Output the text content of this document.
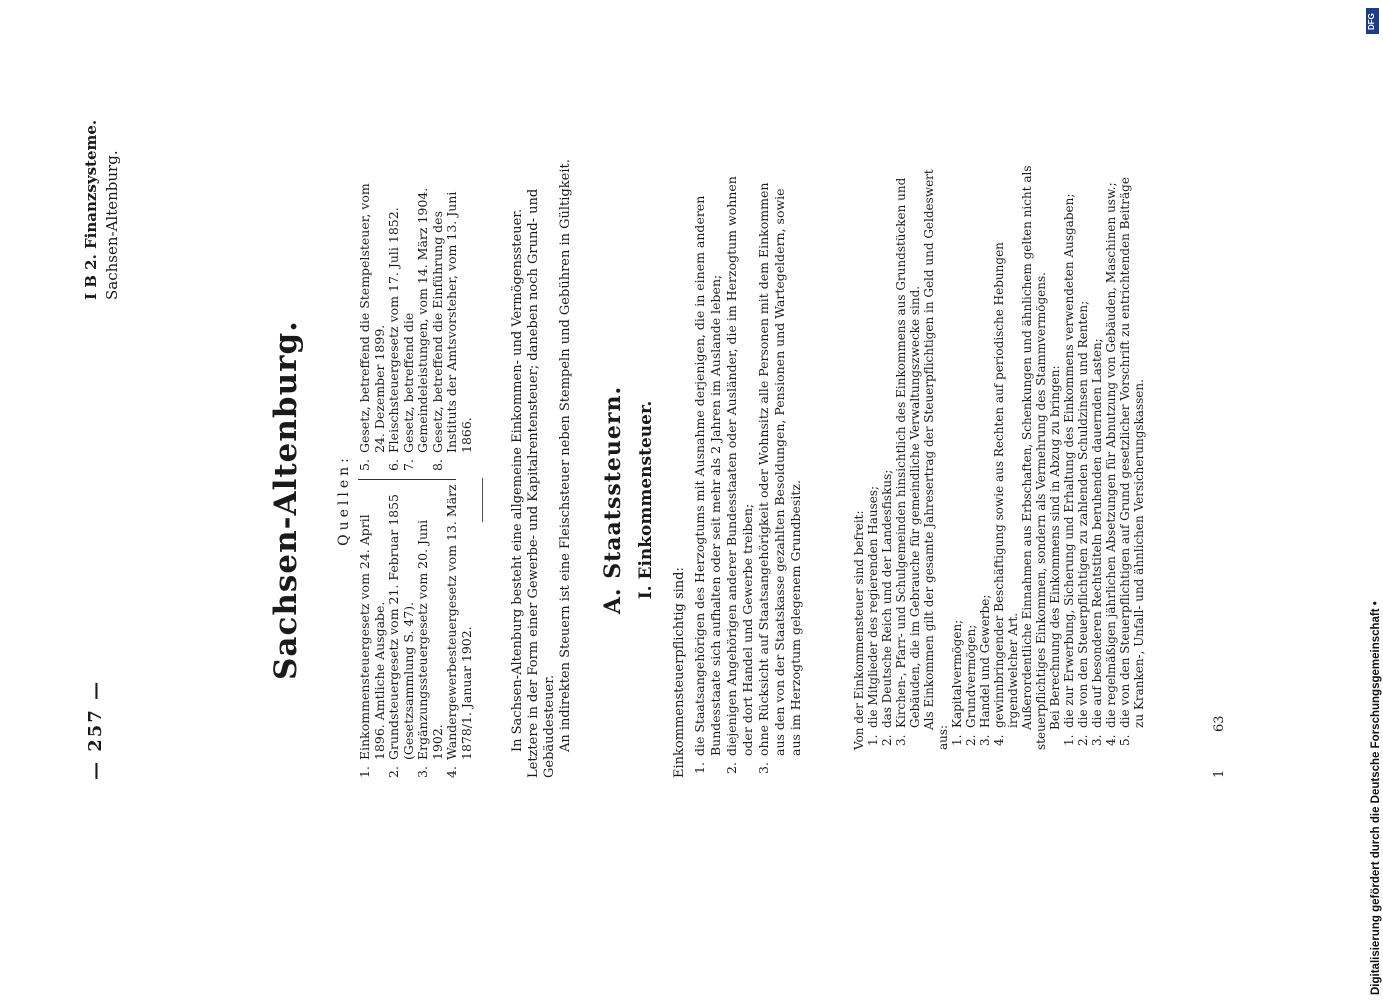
— 257 —
I B 2. Finanzsysteme. Sachsen-Altenburg.
Sachsen-Altenburg. Quellen:

1.
Einkommensteuergesetz vom 24. April 1896. Amtliche Ausgabe.

2.
Grundsteuergesetz vom 21. Februar 1855 (Gesetzsammlung S. 47).

3.
Ergänzungssteuergesetz vom 20. Juni 1902.

4.
Wandergewerbesteuergesetz vom 13. März 1878/1. Januar 1902.

5.
Gesetz, betreffend die Stempelsteuer, vom 24. Dezember 1899.

6.
Fleischsteuergesetz vom 17. Juli 1852.

7.
Gesetz, betreffend die Gemeindeleistungen, vom 14. März 1904.

8.
Gesetz, betreffend die Einführung des Instituts der Amtsvorsteher, vom 13. Juni 1866.	In Sachsen-Altenburg besteht eine allgemeine Einkommen- und Vermögenssteuer. Letztere in der Form einer Gewerbe- und Kapitalrentensteuer; daneben noch Grund- und Gebäudesteuer. An indirekten Steuern ist eine Fleischsteuer neben Stempeln und Gebühren in Gültigkeit. A. Staatssteuern. I. Einkommensteuer.
Einkommensteuerpflichtig sind: 1.
die Staatsangehörigen des Herzogtums mit Ausnahme derjenigen, die in einem anderen Bundesstaate sich aufhalten oder seit mehr als 2 Jahren im Auslande leben;

2.
diejenigen Angehörigen anderer Bundesstaaten oder Ausländer, die im Herzogtum wohnen oder dort Handel und Gewerbe treiben;

3.
ohne Rücksicht auf Staatsangehörigkeit oder Wohnsitz alle Personen mit dem Einkommen aus den von der Staatskasse gezahlten Besoldungen, Pensionen und Wartegeldern, sowie aus im Herzogtum gelegenem Grundbesitz.	Von der Einkommensteuer sind befreit: 1.
die Mitglieder des regierenden Hauses;

2.
das Deutsche Reich und der Landesfiskus;

3.
Kirchen-, Pfarr- und Schulgemeinden hinsichtlich des Einkommens aus Grundstücken und Gebäuden, die im Gebrauche für gemeindliche Verwaltungszwecke sind. Als Einkommen gilt der gesamte Jahresertrag der Steuerpflichtigen in Geld und Geldeswert aus: 1.
Kapitalvermögen;

2.
Grundvermögen;

3.
Handel und Gewerbe;

4.
gewinnbringender Beschäftigung sowie aus Rechten auf periodische Hebungen irgendwelcher Art. Außerordentliche Einnahmen aus Erbschaften, Schenkungen und ähnlichem gelten nicht als steuerpflichtiges Einkommen, sondern als Vermehrung des Stammvermögens. Bei Berechnung des Einkommens sind in Abzug zu bringen:

1.
die zur Erwerbung, Sicherung und Erhaltung des Einkommens verwendeten Ausgaben;

2.
die von den Steuerpflichtigen zu zahlenden Schuldzinsen und Renten;

3.
die auf besonderen Rechtstiteln beruhenden dauernden Lasten;

4.
die regelmäßigen jährlichen Absetzungen für Abnutzung von Gebäuden, Maschinen usw.;

5.
die von den Steuerpflichtigen auf Grund gesetzlicher Vorschrift zu entrichtenden Beiträge zu Kranken-, Unfall- und ähnlichen Versicherungskassen.

1
63	Digitalisierung gefördert durch die Deutsche Forschungsgemeinschaft •
DFG
